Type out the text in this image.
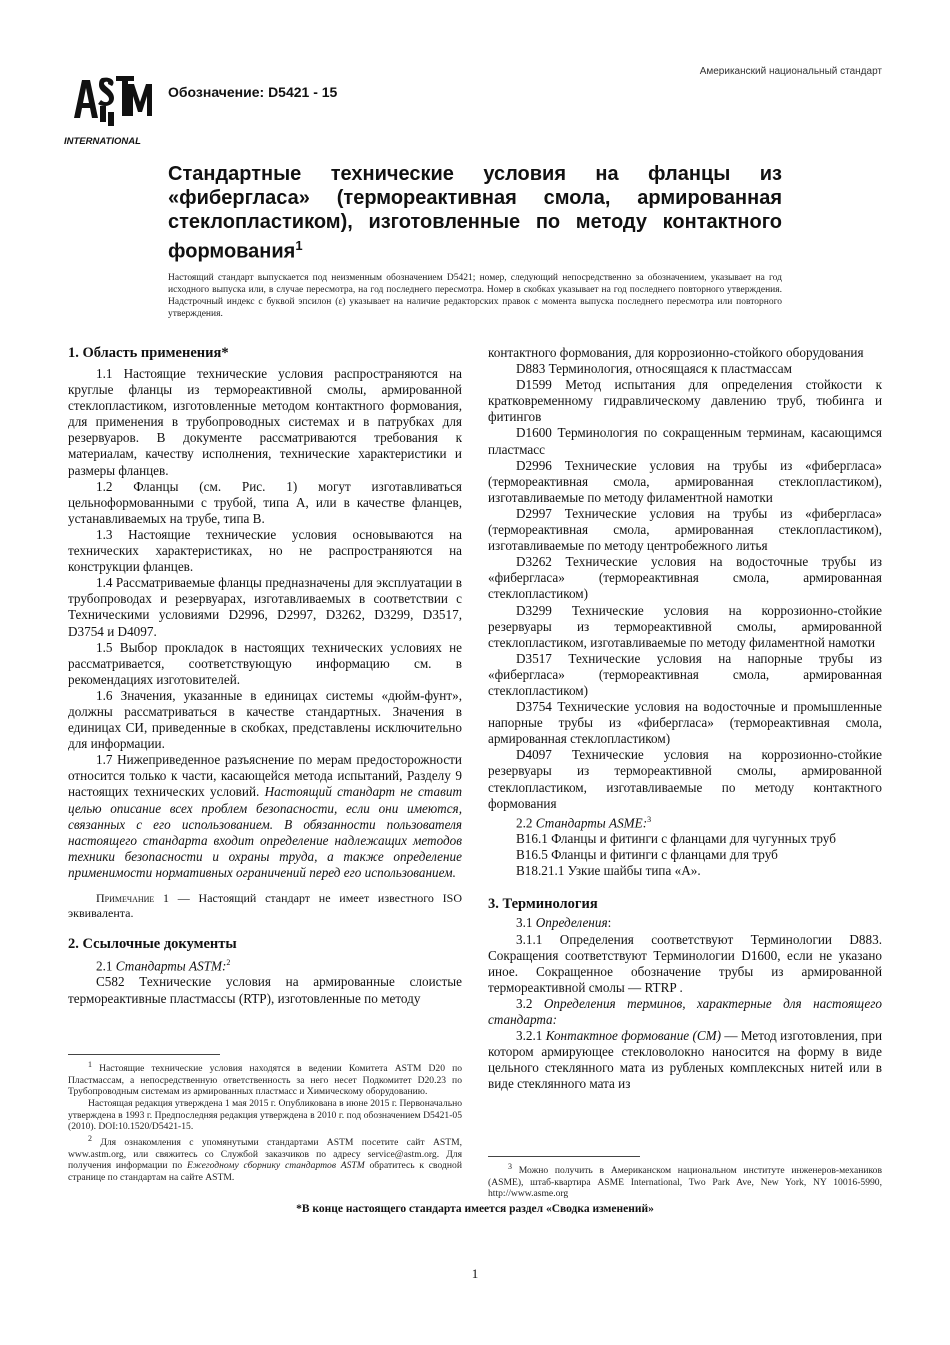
Американский национальный стандарт
INTERNATIONAL
Обозначение: D5421 - 15
Стандартные технические условия на фланцы из «фибергласа» (термореактивная смола, армированная стеклопластиком), изготовленные по методу контактного формования$^1$

Настоящий стандарт выпускается под неизменным обозначением D5421; номер, следующий непосредственно за обозначением, указывает на год исходного выпуска или, в случае пересмотра, на год последнего пересмотра. Номер в скобках указывает на год последнего повторного утверждения. Надстрочный индекс с буквой эпсилон (ε) указывает на наличие редакторских правок с момента выпуска последнего пересмотра или повторного утверждения.

1. Область применения*

1.1 Настоящие технические условия распространяются на круглые фланцы из термореактивной смолы, армированной стеклопластиком, изготовленные методом контактного формования, для применения в трубопроводных системах и в патрубках для резервуаров. В документе рассматриваются требования к материалам, качеству исполнения, технические характеристики и размеры фланцев.

1.2 Фланцы (см. Рис. 1) могут изготавливаться цельноформованными с трубой, типа A, или в качестве фланцев, устанавливаемых на трубе, типа B.

1.3 Настоящие технические условия основываются на технических характеристиках, но не распространяются на конструкции фланцев.

1.4 Рассматриваемые фланцы предназначены для эксплуатации в трубопроводах и резервуарах, изготавливаемых в соответствии с Техническими условиями D2996, D2997, D3262, D3299, D3517, D3754 и D4097.

1.5 Выбор прокладок в настоящих технических условиях не рассматривается, соответствующую информацию см. в рекомендациях изготовителей.

1.6 Значения, указанные в единицах системы «дюйм-фунт», должны рассматриваться в качестве стандартных. Значения в единицах СИ, приведенные в скобках, представлены исключительно для информации.

1.7 Нижеприведенное разъяснение по мерам предосторожности относится только к части, касающейся метода испытаний, Разделу 9 настоящих технических условий. Настоящий стандарт не ставит целью описание всех проблем безопасности, если они имеются, связанных с его использованием. В обязанности пользователя настоящего стандарта входит определение надлежащих методов техники безопасности и охраны труда, а также определение применимости нормативных ограничений перед его использованием.

Примечание 1 — Настоящий стандарт не имеет известного ISO эквивалента.

2. Ссылочные документы

2.1 Стандарты ASTM:$^2$

C582 Технические условия на армированные слоистые термореактивные пластмассы (RTP), изготовленные по методу

контактного формования, для коррозионно-стойкого оборудования

D883 Терминология, относящаяся к пластмассам

D1599 Метод испытания для определения стойкости к кратковременному гидравлическому давлению труб, тюбинга и фитингов

D1600 Терминология по сокращенным терминам, касающимся пластмасс

D2996 Технические условия на трубы из «фибергласа» (термореактивная смола, армированная стеклопластиком), изготавливаемые по методу филаментной намотки

D2997 Технические условия на трубы из «фибергласа» (термореактивная смола, армированная стеклопластиком), изготавливаемые по методу центробежного литья

D3262 Технические условия на водосточные трубы из «фибергласа» (термореактивная смола, армированная стеклопластиком)

D3299 Технические условия на коррозионно-стойкие резервуары из термореактивной смолы, армированной стеклопластиком, изготавливаемые по методу филаментной намотки

D3517 Технические условия на напорные трубы из «фибергласа» (термореактивная смола, армированная стеклопластиком)

D3754 Технические условия на водосточные и промышленные напорные трубы из «фибергласа» (термореактивная смола, армированная стеклопластиком)

D4097 Технические условия на коррозионно-стойкие резервуары из термореактивной смолы, армированной стеклопластиком, изготавливаемые по методу контактного формования

2.2 Стандарты ASME:$^3$

B16.1 Фланцы и фитинги с фланцами для чугунных труб

B16.5 Фланцы и фитинги с фланцами для труб

B18.21.1 Узкие шайбы типа «A».

3. Терминология

3.1 Определения:

3.1.1 Определения соответствуют Терминологии D883. Сокращения соответствуют Терминологии D1600, если не указано иное. Сокращенное обозначение трубы из армированной термореактивной смолы — RTRP .

3.2 Определения терминов, характерные для настоящего стандарта:

3.2.1 Контактное формование (CM) — Метод изготовления, при котором армирующее стекловолокно наносится на форму в виде цельного стеклянного мата из рубленых комплексных нитей или в виде стеклянного мата из

$^1$ Настоящие технические условия находятся в ведении Комитета ASTM D20 по Пластмассам, а непосредственную ответственность за него несет Подкомитет D20.23 по Трубопроводным системам из армированных пластмасс и Химическому оборудованию.

Настоящая редакция утверждена 1 мая 2015 г. Опубликована в июне 2015 г. Первоначально утверждена в 1993 г. Предпоследняя редакция утверждена в 2010 г. под обозначением D5421-05 (2010). DOI:10.1520/D5421-15.

$^2$ Для ознакомления с упомянутыми стандартами ASTM посетите сайт ASTM, www.astm.org, или свяжитесь со Службой заказчиков по адресу service@astm.org. Для получения информации по Ежегодному сборнику стандартов ASTM обратитесь к сводной странице по стандартам на сайте ASTM.

$^3$ Можно получить в Американском национальном институте инженеров-механиков (ASME), штаб-квартира ASME International, Two Park Ave, New York, NY 10016-5990, http://www.asme.org

*В конце настоящего стандарта имеется раздел «Сводка изменений»
1
